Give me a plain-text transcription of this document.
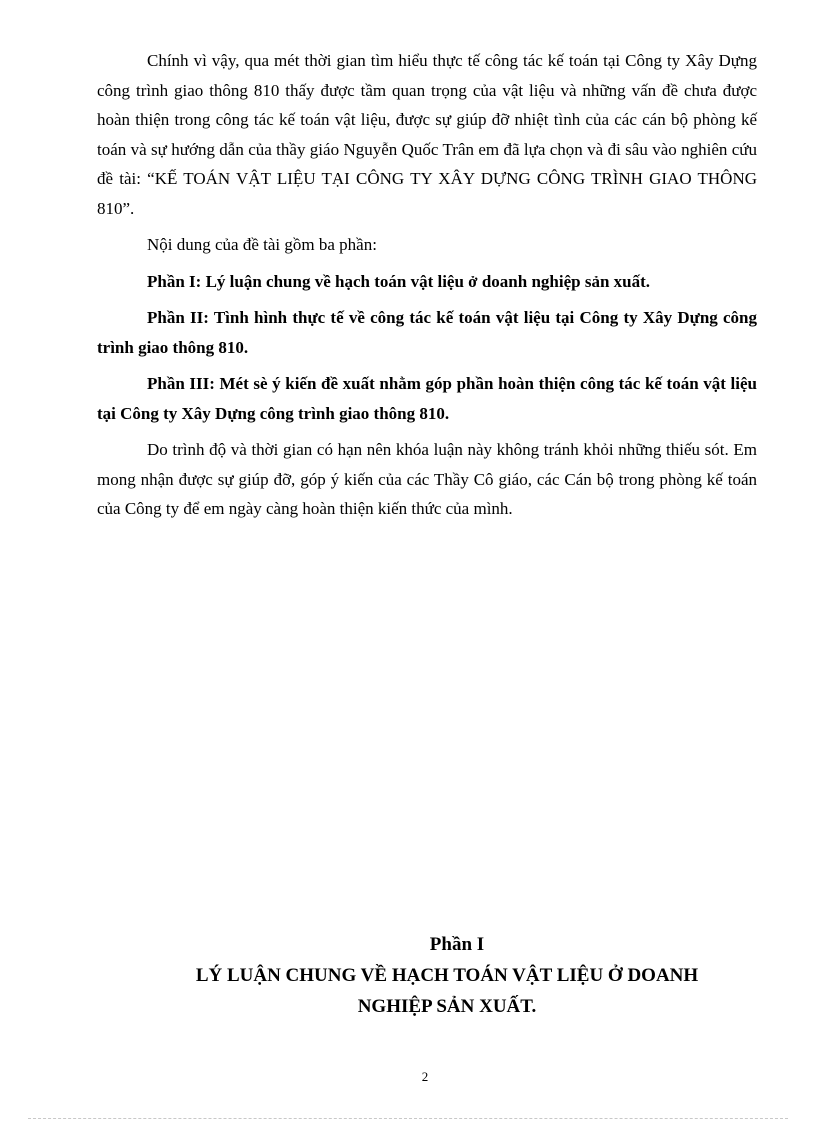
Chính vì vậy, qua mét thời gian tìm hiểu thực tế công tác kế toán tại Công ty Xây Dựng công trình giao thông 810 thấy được tầm quan trọng của vật liệu và những vấn đề chưa được hoàn thiện trong công tác kế toán vật liệu, được sự giúp đỡ nhiệt tình của các cán bộ phòng kế toán và sự hướng dẫn của thầy giáo Nguyễn Quốc Trân em đã lựa chọn và đi sâu vào nghiên cứu đề tài: “KẾ TOÁN VẬT LIỆU TẠI CÔNG TY XÂY DỰNG CÔNG TRÌNH GIAO THÔNG 810”.

Nội dung của đề tài gồm ba phần:

Phần I: Lý luận chung về hạch toán vật liệu ở doanh nghiệp sản xuất.

Phần II: Tình hình thực tế về công tác kế toán vật liệu tại Công ty Xây Dựng công trình giao thông 810.

Phần III: Mét sè ý kiến đề xuất nhằm góp phần hoàn thiện công tác kế toán vật liệu tại Công ty Xây Dựng công trình giao thông 810.

Do trình độ và thời gian có hạn nên khóa luận này không tránh khỏi những thiếu sót. Em mong nhận được sự giúp đỡ, góp ý kiến của các Thầy Cô giáo, các Cán bộ trong phòng kế toán của Công ty để em ngày càng hoàn thiện kiến thức của mình.

Phần I
LÝ LUẬN CHUNG VỀ HẠCH TOÁN VẬT LIỆU Ở DOANH
NGHIỆP SẢN XUẤT.
2
